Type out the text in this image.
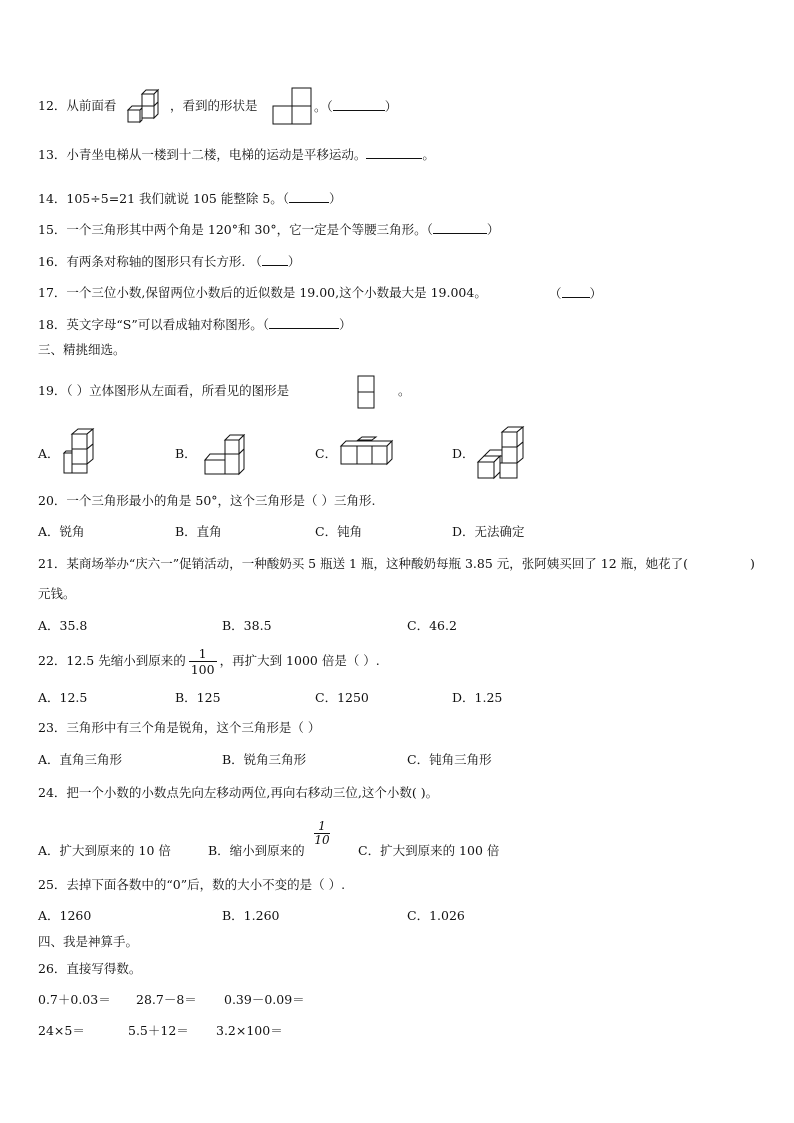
12．从前面看	，看到的形状是	。（	）
13．小青坐电梯从一楼到十二楼，电梯的运动是平移运动。	。
14．105÷5=21 我们就说 105 能整除 5。（	）
15．一个三角形其中两个角是 120°和 30°，它一定是个等腰三角形。（	）
16．有两条对称轴的图形只有长方形. （ ）
17．一个三位小数,保留两位小数后的近似数是 19.00,这个小数最大是 19.004。	（ ）
18．英文字母“S”可以看成轴对称图形。（	）
三、精挑细选。
19．（ ）立体图形从左面看，所看见的图形是	。
A．	B．	C．	D．
20．一个三角形最小的角是 50°，这个三角形是（ ）三角形.
A．锐角	B．直角	C．钝角	D．无法确定
21．某商场举办“庆六一”促销活动，一种酸奶买 5 瓶送 1 瓶，这种酸奶每瓶 3.85 元，张阿姨买回了 12 瓶，她花了(	)
元钱。
A．35.8	B．38.5	C．46.2
22．12.5 先缩小到原来的 $\frac{1}{100}$ ，再扩大到 1000 倍是（ ）.
A．12.5	B．125	C．1250	D．1.25
23．三角形中有三个角是锐角，这个三角形是（ ）
A．直角三角形	B．锐角三角形	C．钝角三角形
24．把一个小数的小数点先向左移动两位,再向右移动三位,这个小数( )。
A．扩大到原来的 10 倍	B．缩小到原来的
1
10
C．扩大到原来的 100 倍
25．去掉下面各数中的“0”后，数的大小不变的是（ ）.
A．1260	B．1.260	C．1.026
四、我是神算手。
26．直接写得数。
0.7＋0.03＝ 28.7－8＝ 0.39－0.09＝
24×5＝	5.5＋12＝ 3.2×100＝
